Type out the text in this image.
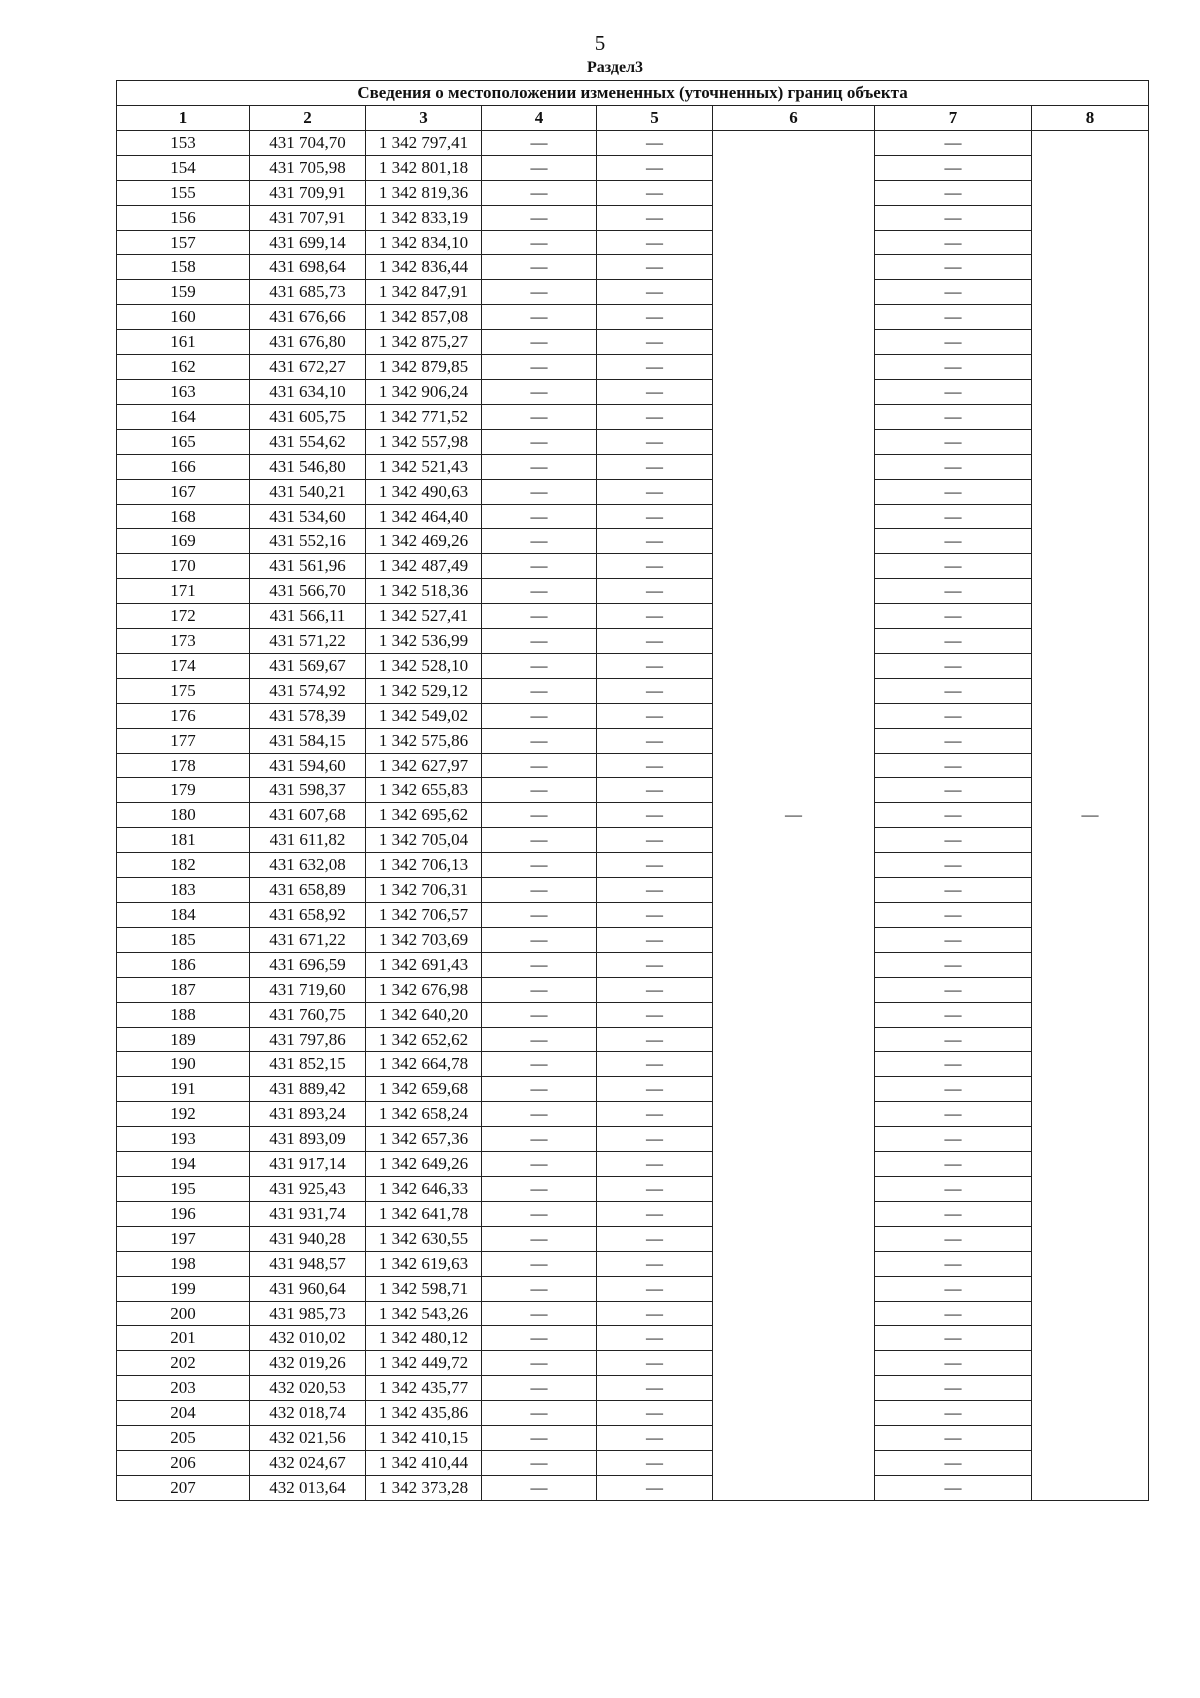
5
Раздел3
Сведения о местоположении измененных (уточненных) границ объекта							
1	2	3	4	5	6	7	8
153	431 704,70	1 342 797,41	—	—	—	—	—
154	431 705,98	1 342 801,18	—	—		—	
155	431 709,91	1 342 819,36	—	—		—	
156	431 707,91	1 342 833,19	—	—		—	
157	431 699,14	1 342 834,10	—	—		—	
158	431 698,64	1 342 836,44	—	—		—	
159	431 685,73	1 342 847,91	—	—		—	
160	431 676,66	1 342 857,08	—	—		—	
161	431 676,80	1 342 875,27	—	—		—	
162	431 672,27	1 342 879,85	—	—		—	
163	431 634,10	1 342 906,24	—	—		—	
164	431 605,75	1 342 771,52	—	—		—	
165	431 554,62	1 342 557,98	—	—		—	
166	431 546,80	1 342 521,43	—	—		—	
167	431 540,21	1 342 490,63	—	—		—	
168	431 534,60	1 342 464,40	—	—		—	
169	431 552,16	1 342 469,26	—	—		—	
170	431 561,96	1 342 487,49	—	—		—	
171	431 566,70	1 342 518,36	—	—		—	
172	431 566,11	1 342 527,41	—	—		—	
173	431 571,22	1 342 536,99	—	—		—	
174	431 569,67	1 342 528,10	—	—		—	
175	431 574,92	1 342 529,12	—	—		—	
176	431 578,39	1 342 549,02	—	—		—	
177	431 584,15	1 342 575,86	—	—		—	
178	431 594,60	1 342 627,97	—	—		—	
179	431 598,37	1 342 655,83	—	—		—	
180	431 607,68	1 342 695,62	—	—		—	
181	431 611,82	1 342 705,04	—	—		—	
182	431 632,08	1 342 706,13	—	—		—	
183	431 658,89	1 342 706,31	—	—		—	
184	431 658,92	1 342 706,57	—	—		—	
185	431 671,22	1 342 703,69	—	—		—	
186	431 696,59	1 342 691,43	—	—		—	
187	431 719,60	1 342 676,98	—	—		—	
188	431 760,75	1 342 640,20	—	—		—	
189	431 797,86	1 342 652,62	—	—		—	
190	431 852,15	1 342 664,78	—	—		—	
191	431 889,42	1 342 659,68	—	—		—	
192	431 893,24	1 342 658,24	—	—		—	
193	431 893,09	1 342 657,36	—	—		—	
194	431 917,14	1 342 649,26	—	—		—	
195	431 925,43	1 342 646,33	—	—		—	
196	431 931,74	1 342 641,78	—	—		—	
197	431 940,28	1 342 630,55	—	—		—	
198	431 948,57	1 342 619,63	—	—		—	
199	431 960,64	1 342 598,71	—	—		—	
200	431 985,73	1 342 543,26	—	—		—	
201	432 010,02	1 342 480,12	—	—		—	
202	432 019,26	1 342 449,72	—	—		—	
203	432 020,53	1 342 435,77	—	—		—	
204	432 018,74	1 342 435,86	—	—		—	
205	432 021,56	1 342 410,15	—	—		—	
206	432 024,67	1 342 410,44	—	—		—	
207	432 013,64	1 342 373,28	—	—		—	
